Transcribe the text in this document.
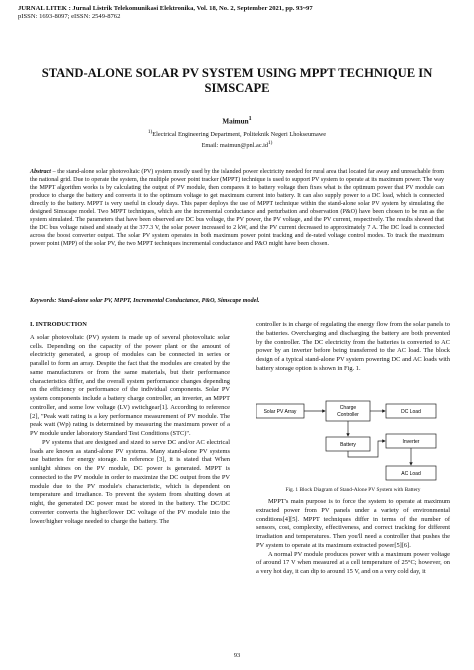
JURNAL LITEK : Jurnal Listrik Telekomunikasi Elektronika, Vol. 18, No. 2, September 2021, pp. 93~97
pISSN: 1693-8097; eISSN: 2549-8762
STAND-ALONE SOLAR PV SYSTEM USING MPPT TECHNIQUE IN SIMSCAPE
Maimun$^1$
$^{1)}$Electrical Engineering Department, Politeknik Negeri Lhokseumawe
Email: $maimun@pnl.ac.id^{1)}$
Abstract – the stand-alone solar photovoltaic (PV) system mostly used by the islanded power electricity needed for rural area that located far away and unreachable from the national grid. Due to operate the system, the multiple power point tracker (MPPT) technique is used to support PV system to operate at its maximum power. The way the MPPT algorithm works is by calculating the output of PV module, then compares it to battery voltage then fixes what is the optimum power that PV module can produce to charge the battery and converts it to the optimum voltage to get maximum current into battery. It can also supply power to a DC load, which is connected directly to the battery. MPPT is very useful in cloudy days. This paper deploys the use of MPPT technique within the stand-alone solar PV system by simulating the designed Simscape model. Two MPPT techniques, which are the incremental conductance and perturbation and observation (P&O) have been chosen to be run as the system simulated. The parameters that have been observed are DC bus voltage, the PV power, the PV voltage, and the PV current, respectively. The results showed that the DC bus voltage raised and steady at the 377.3 V, the solar power increased to 2 kW, and the PV current decreased to approximately 7 A. The DC load is connected across the boost converter output. The solar PV system operates in both maximum power point tracking and de-rated voltage control modes. To track the maximum power point (MPP) of the solar PV, the two MPPT techniques incremental conductance and P&O might have been chosen.
Keywords: Stand-alone solar PV, MPPT, Incremental Conductance, P&O, Simscape model.
I. INTRODUCTION

A solar photovoltaic (PV) system is made up of several photovoltaic solar cells. Depending on the capacity of the power plant or the amount of electricity generated, a group of modules can be connected in series or parallel to form an array. Despite the fact that the modules are created by the same manufacturers or from the same materials, but their performance characteristics differ, and the overall system performance changes depending on the efficiency or performance of the individual components. Solar PV system components include a battery charge controller, an inverter, an MPPT controller, and some low voltage (LV) switchgear[1]. According to reference [2], "Peak watt rating is a key performance measurement of PV module. The peak watt (Wp) rating is determined by measuring the maximum power of a PV module under laboratory Standard Test Conditions (STC)".

PV systems that are designed and sized to serve DC and/or AC electrical loads are known as stand-alone PV systems. Many stand-alone PV systems use batteries for energy storage. In reference [3], it is stated that When sunlight shines on the PV module, DC power is generated. MPPT is connected to the PV module in order to maximize the DC output from the PV module due to the PV module's characteristic, which is dependent on temperature and irradiance. To prevent the system from shutting down at night, the generated DC power must be stored in the battery. The DC/DC converter converts the higher/lower DC voltage of the PV module into the lower/higher voltage needed to charge the battery. The

controller is in charge of regulating the energy flow from the solar panels to the batteries. Overcharging and discharging the battery are both prevented by the controller. The DC electricity from the batteries is converted to AC power by an inverter before being transferred to the AC load. The block design of a typical stand-alone PV system powering DC and AC loads with battery storage option is shown in Fig. 1.

Solar PV Array
Charge
Controller	DC Load
Battery	Inverter
AC Load
Fig. 1 Block Diagram of Stand-Alone PV System with Battery

MPPT's main purpose is to force the system to operate at maximum extracted power from PV panels under a variety of environmental conditions[4][5]. MPPT techniques differ in terms of the number of sensors, cost, complexity, effectiveness, and correct tracking for different irradiation and temperatures. Then you'll need a controller that pushes the PV system to operate at its maximum extracted power[5][6].

A normal PV module produces power with a maximum power voltage of around 17 V when measured at a cell temperature of 25°C; however, on a very hot day, it can dip to around 15 V, and on a very cold day, it

93
